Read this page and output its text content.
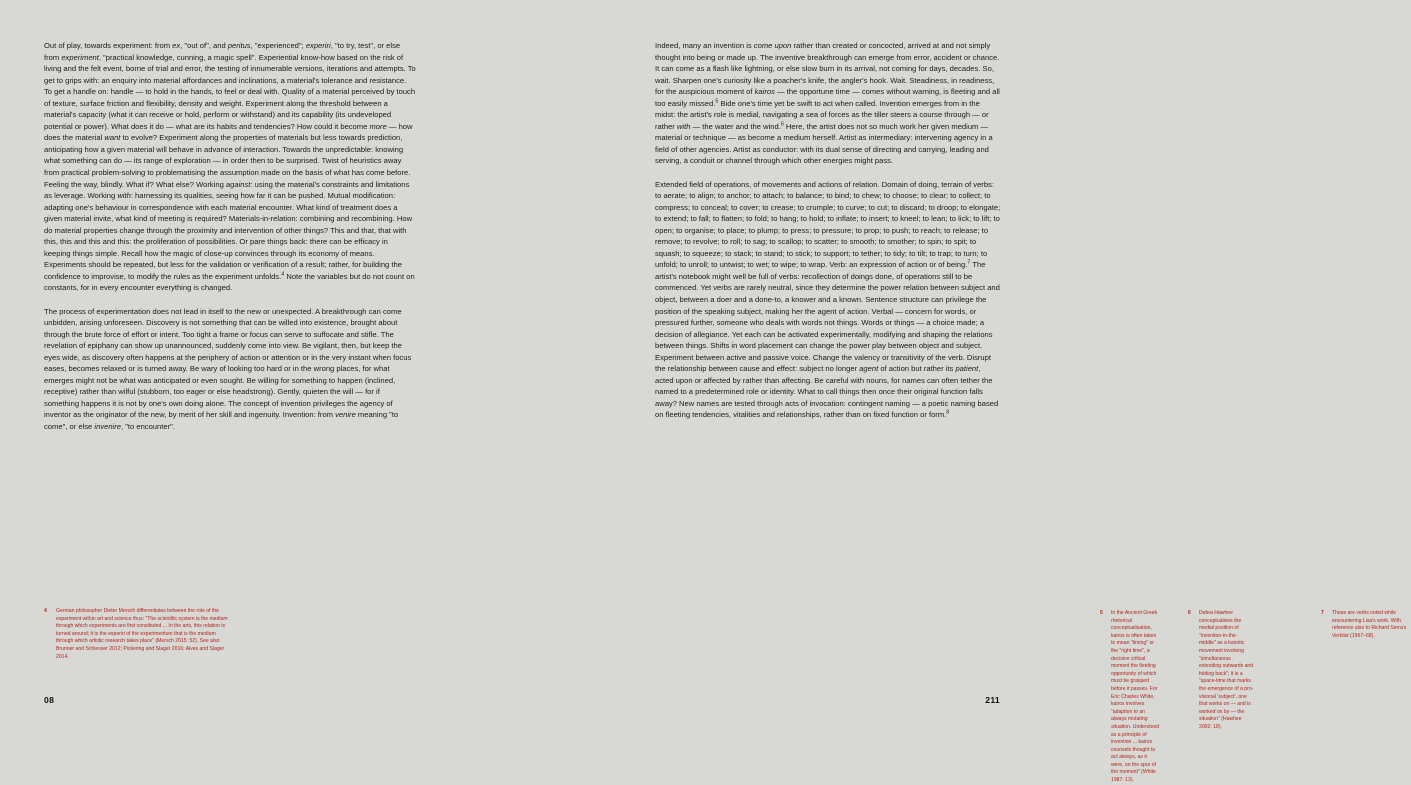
Out of play, towards experiment: from ex, "out of", and peritus, "experienced"; experiri, "to try, test", or else from experiment, "practical knowledge, cunning, a magic spell". Experiential know-how based on the risk of living and the felt event, borne of trial and error, the testing of innumerable versions, iterations and attempts. To get to grips with: an enquiry into material affordances and inclinations, a material's tolerance and resistance. To get a handle on: handle — to hold in the hands, to feel or deal with. Quality of a material perceived by touch of texture, surface friction and flexibility, density and weight. Experiment along the threshold between a material's capacity (what it can receive or hold, perform or withstand) and its capability (its undeveloped potential or power). What does it do — what are its habits and tendencies? How could it become more — how does the material want to evolve? Experiment along the properties of materials but less towards prediction, anticipating how a given material will behave in advance of interaction. Towards the unpredictable: knowing what something can do — its range of exploration — in order then to be surprised. Twist of heuristics away from practical problem-solving to problematising the assumption made on the basis of what has come before. Feeling the way, blindly. What if? What else? Working against: using the material's constraints and limitations as leverage. Working with: harnessing its qualities, seeing how far it can be pushed. Mutual modification: adapting one's behaviour in correspondence with each material encounter. What kind of treatment does a given material invite, what kind of meeting is required? Materials-in-relation: combining and recombining. How do material properties change through the proximity and intervention of other things? This and that, that with this, this and this and this: the proliferation of possibilities. Or pare things back: there can be efficacy in keeping things simple. Recall how the magic of close-up convinces through its economy of means. Experiments should be repeated, but less for the validation or verification of a result; rather, for building the confidence to improvise, to modify the rules as the experiment unfolds.$^4$ Note the variables but do not count on constants, for in every encounter everything is changed.

The process of experimentation does not lead in itself to the new or unexpected. A breakthrough can come unbidden, arising unforeseen. Discovery is not something that can be willed into existence, brought about through the brute force of effort or intent. Too tight a frame or focus can serve to suffocate and stifle. The revelation of epiphany can show up unannounced, suddenly come into view. Be vigilant, then, but keep the eyes wide, as discovery often happens at the periphery of action or attention or in the very instant when focus eases, becomes relaxed or is turned away. Be wary of looking too hard or in the wrong places, for what emerges might not be what was anticipated or even sought. Be willing for something to happen (inclined, receptive) rather than wilful (stubborn, too eager or else headstrong). Gently, quieten the will — for if something happens it is not by one's own doing alone. The concept of invention privileges the agency of inventor as the originator of the new, by merit of her skill and ingenuity. Invention: from venire meaning "to come", or else invenire, "to encounter".

4	German philosopher Dieter Mersch differentiates between the role of the experiment within art and science thus: "The scientific system is the medium through which experiments are first constituted ... In the arts, this relation is turned around; it is the experiri of the experimentum that is the medium through which artistic research takes place" (Mersch 2015: 52). See also Brunner and Schiesser 2012; Pickering and Slager 2016; Alves and Slager 2014.
08

Indeed, many an invention is come upon rather than created or concocted, arrived at and not simply thought into being or made up. The inventive breakthrough can emerge from error, accident or chance. It can come as a flash like lightning, or else slow burn in its arrival, not coming for days, decades. So, wait. Sharpen one's curiosity like a poacher's knife, the angler's hook. Wait. Steadiness, in readiness, for the auspicious moment of kairos — the opportune time — comes without warning, is fleeting and all too easily missed.$^5$ Bide one's time yet be swift to act when called. Invention emerges from in the midst: the artist's role is medial, navigating a sea of forces as the tiller steers a course through — or rather with — the water and the wind.$^6$ Here, the artist does not so much work her given medium — material or technique — as become a medium herself. Artist as intermediary: intervening agency in a field of other agencies. Artist as conductor: with its dual sense of directing and carrying, leading and serving, a conduit or channel through which other energies might pass.

Extended field of operations, of movements and actions of relation. Domain of doing, terrain of verbs: to aerate; to align; to anchor; to attach; to balance; to bind; to chew; to choose; to clear; to collect; to compress; to conceal; to cover; to crease; to crumple; to curve; to cut; to discard; to droop; to elongate; to extend; to fall; to flatten; to fold; to hang; to hold; to inflate; to insert; to kneel; to lean; to lick; to lift; to open; to organise; to place; to plump; to press; to pressure; to prop; to push; to reach; to release; to remove; to revolve; to roll; to sag; to scallop; to scatter; to smooth; to smother; to spin; to spit; to squash; to squeeze; to stack; to stand; to stick; to support; to tether; to tidy; to tilt; to trap; to turn; to unfold; to unroll; to untwist; to wet; to wipe; to wrap. Verb: an expression of action or of being.$^7$ The artist's notebook might well be full of verbs: recollection of doings done, of operations still to be commenced. Yet verbs are rarely neutral, since they determine the power relation between subject and object, between a doer and a done-to, a knower and a known. Sentence structure can privilege the position of the speaking subject, making her the agent of action. Verbal — concern for words, or pressured further, someone who deals with words not things. Words or things — a choice made; a decision of allegiance. Yet each can be activated experimentally, modifying and shaping the relations between things. Shifts in word placement can change the power play between object and subject. Experiment between active and passive voice. Change the valency or transitivity of the verb. Disrupt the relationship between cause and effect: subject no longer agent of action but rather its patient, acted upon or affected by rather than affecting. Be careful with nouns, for names can often tether the named to a predetermined role or identity. What to call things then once their original function falls away? New names are tested through acts of invocation: contingent naming — a poetic naming based on fleeting tendencies, vitalities and relationships, rather than on fixed function or form.$^8$

5	In the Ancient Greek rhetorical conceptualisation, kairos is often taken to mean "timing" or the "right time", a decisive critical moment the fleeting opportunity of which must be grasped before it passes. For Eric Charles White, kairos involves "adaption to an always mutating situation. Understood as a principle of invention ... kairos counsels thought to act always, as it were, on the spur of the moment" (White 1987: 13).
6	Debra Hawhee conceptualises the medial position of "invention-in-the-middle" as a kairotic movement involving "simultaneous extending outwards and folding back"; it is a "space-time that marks the emergence of a pro-visional 'subject', one that works on — and is worked on by — the situation" (Hawhee 2002: 18).
7	These are verbs noted while encountering Lisa's work. With reference also to Richard Serra's Verblist (1967–68).
211
